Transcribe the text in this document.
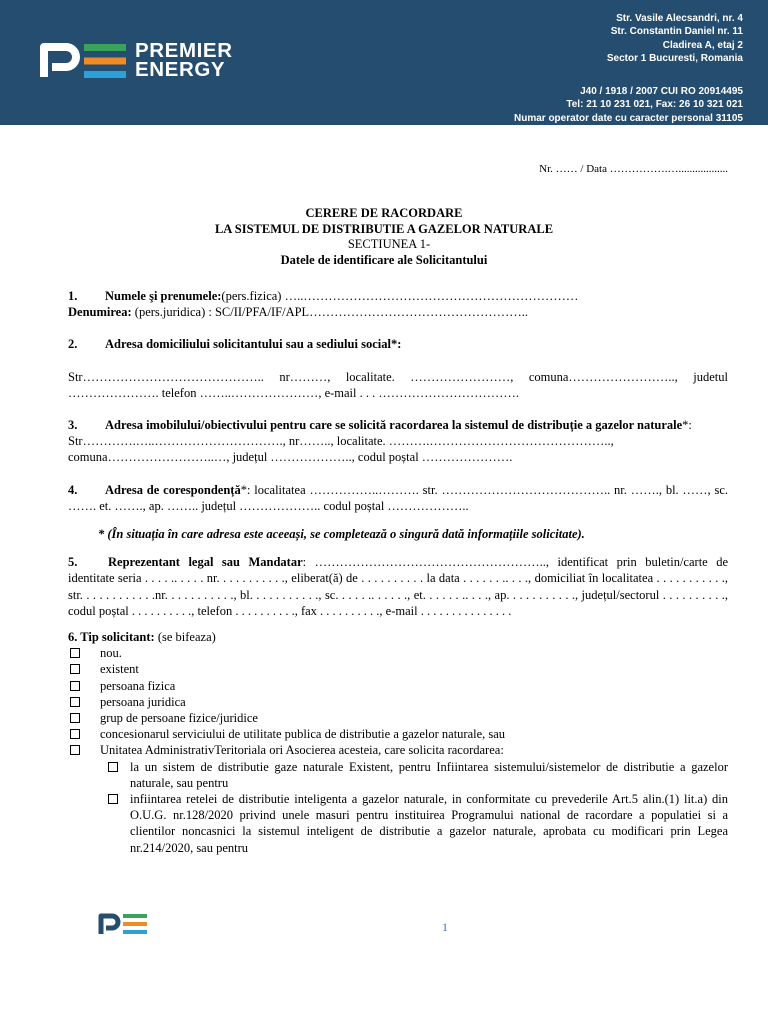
PREMIER
ENERGY
Str. Vasile Alecsandri, nr. 4
Str. Constantin Daniel nr. 11
Cladirea A, etaj 2
Sector 1 Bucuresti, Romania
J40 / 1918 / 2007 CUI RO 20914495
Tel: 21 10 231 021, Fax: 26 10 321 021
Numar operator date cu caracter personal 31105
Nr. …… / Data …………….…..................
CERERE DE RACORDARE
LA SISTEMUL DE DISTRIBUTIE A GAZELOR NATURALE
SECTIUNEA 1-
Datele de identificare ale Solicitantului

1. Numele şi prenumele:(pers.fizica) …..…………………………………………………………

Denumirea: (pers.juridica) : SC/II/PFA/IF/APL……………………………………………..

2. Adresa domiciliului solicitantului sau a sediului social*:

Str…………………………………….. nr………, localitate. ……………………, comuna…………………….., judetul …………………. telefon ……..…………………, e-mail . . . …………………………….

3. Adresa imobilului/obiectivului pentru care se solicită racordarea la sistemul de distribuție a gazelor naturale*:

Str………….…..…………………………., nr…….., localitate. ……….……………………………………..,

comuna……………………..…, județul ……………….., codul poștal ………………….

4. Adresa de corespondență*: localitatea ……………..………. str. ………………………………….. nr. ……., bl. ……, sc. ……. et. ……., ap. …….. județul ……………….. codul poștal ………………..

* (În situația în care adresa este aceeași, se completează o singură dată informațiile solicitate).

5. Reprezentant legal sau Mandatar: ……………………………………………….., identificat prin buletin/carte de identitate seria . . . . .. . . . . nr. . . . . . . . . . ., eliberat(ă) de . . . . . . . . . . la data . . . . . . .. . . ., domiciliat în localitatea . . . . . . . . . . ., str. . . . . . . . . . . .nr. . . . . . . . . . ., bl. . . . . . . . . . ., sc. . . . . .. . . . . ., et. . . . . . .. . . ., ap. . . . . . . . . . ., județul/sectorul . . . . . . . . . ., codul poștal . . . . . . . . . ., telefon . . . . . . . . . ., fax . . . . . . . . . ., e-mail . . . . . . . . . . . . . . .

6. Tip solicitant: (se bifeaza)

nou.
existent
persoana fizica
persoana juridica
grup de persoane fizice/juridice
concesionarul serviciului de utilitate publica de distributie a gazelor naturale, sau
Unitatea AdministrativTeritoriala ori Asocierea acesteia, care solicita racordarea:
la un sistem de distributie gaze naturale Existent, pentru Infiintarea sistemului/sistemelor de distributie a gazelor naturale, sau pentru
infiintarea retelei de distributie inteligenta a gazelor naturale, in conformitate cu prevederile Art.5 alin.(1) lit.a) din O.U.G. nr.128/2020 privind unele masuri pentru instituirea Programului national de racordare a populatiei si a clientilor noncasnici la sistemul inteligent de distributie a gazelor naturale, aprobata cu modificari prin Legea nr.214/2020, sau pentru
1
